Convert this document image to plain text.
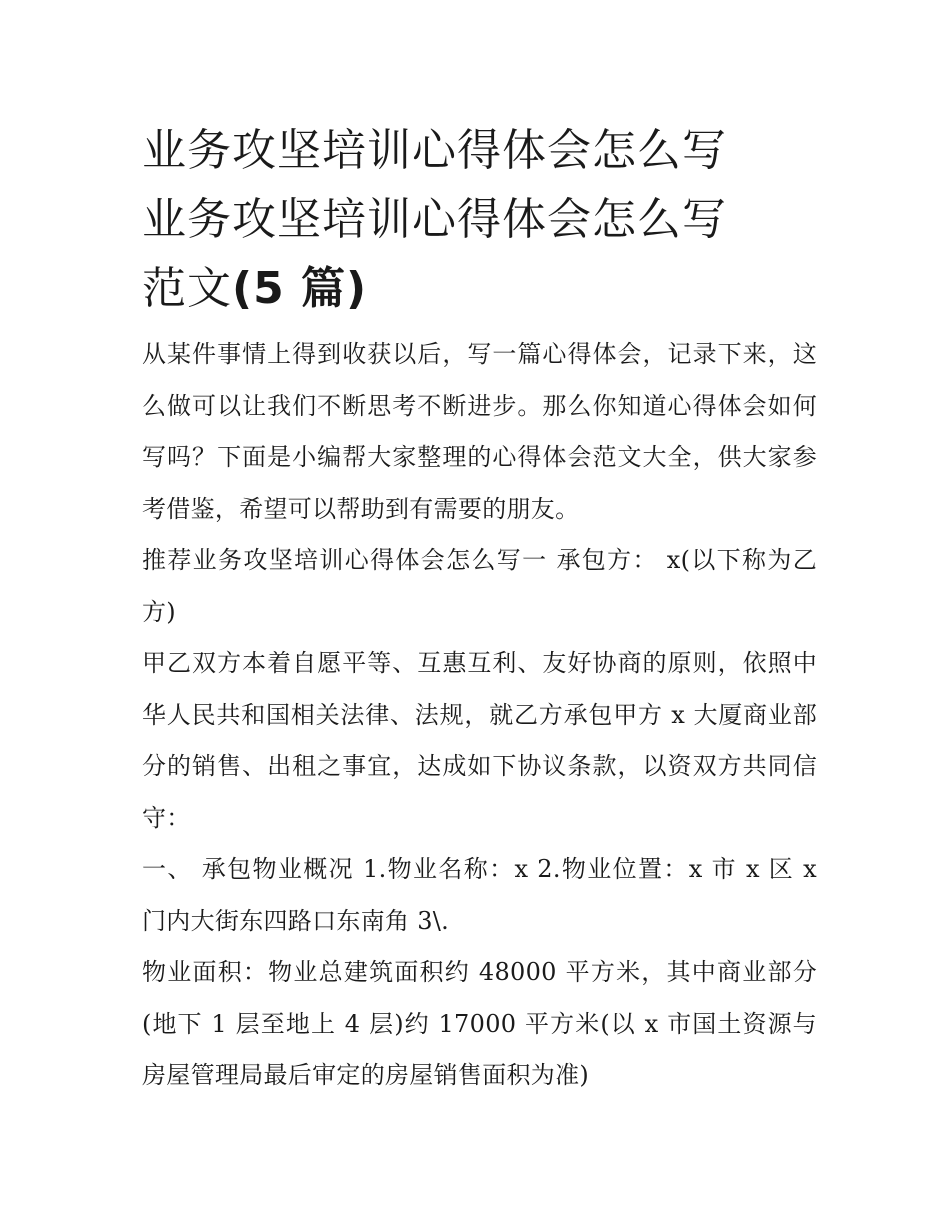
业务攻坚培训心得体会怎么写
业务攻坚培训心得体会怎么写
范文(5 篇)

从某件事情上得到收获以后，写一篇心得体会，记录下来，这么做可以让我们不断思考不断进步。那么你知道心得体会如何写吗？下面是小编帮大家整理的心得体会范文大全，供大家参考借鉴，希望可以帮助到有需要的朋友。

推荐业务攻坚培训心得体会怎么写一 承包方： x(以下称为乙方)

甲乙双方本着自愿平等、互惠互利、友好协商的原则，依照中华人民共和国相关法律、法规，就乙方承包甲方 x 大厦商业部分的销售、出租之事宜，达成如下协议条款，以资双方共同信守：

一、 承包物业概况 1.物业名称：x 2.物业位置：x 市 x 区 x 门内大街东四路口东南角 3\.

物业面积：物业总建筑面积约 48000 平方米，其中商业部分(地下 1 层至地上 4 层)约 17000 平方米(以 x 市国土资源与房屋管理局最后审定的房屋销售面积为准)
